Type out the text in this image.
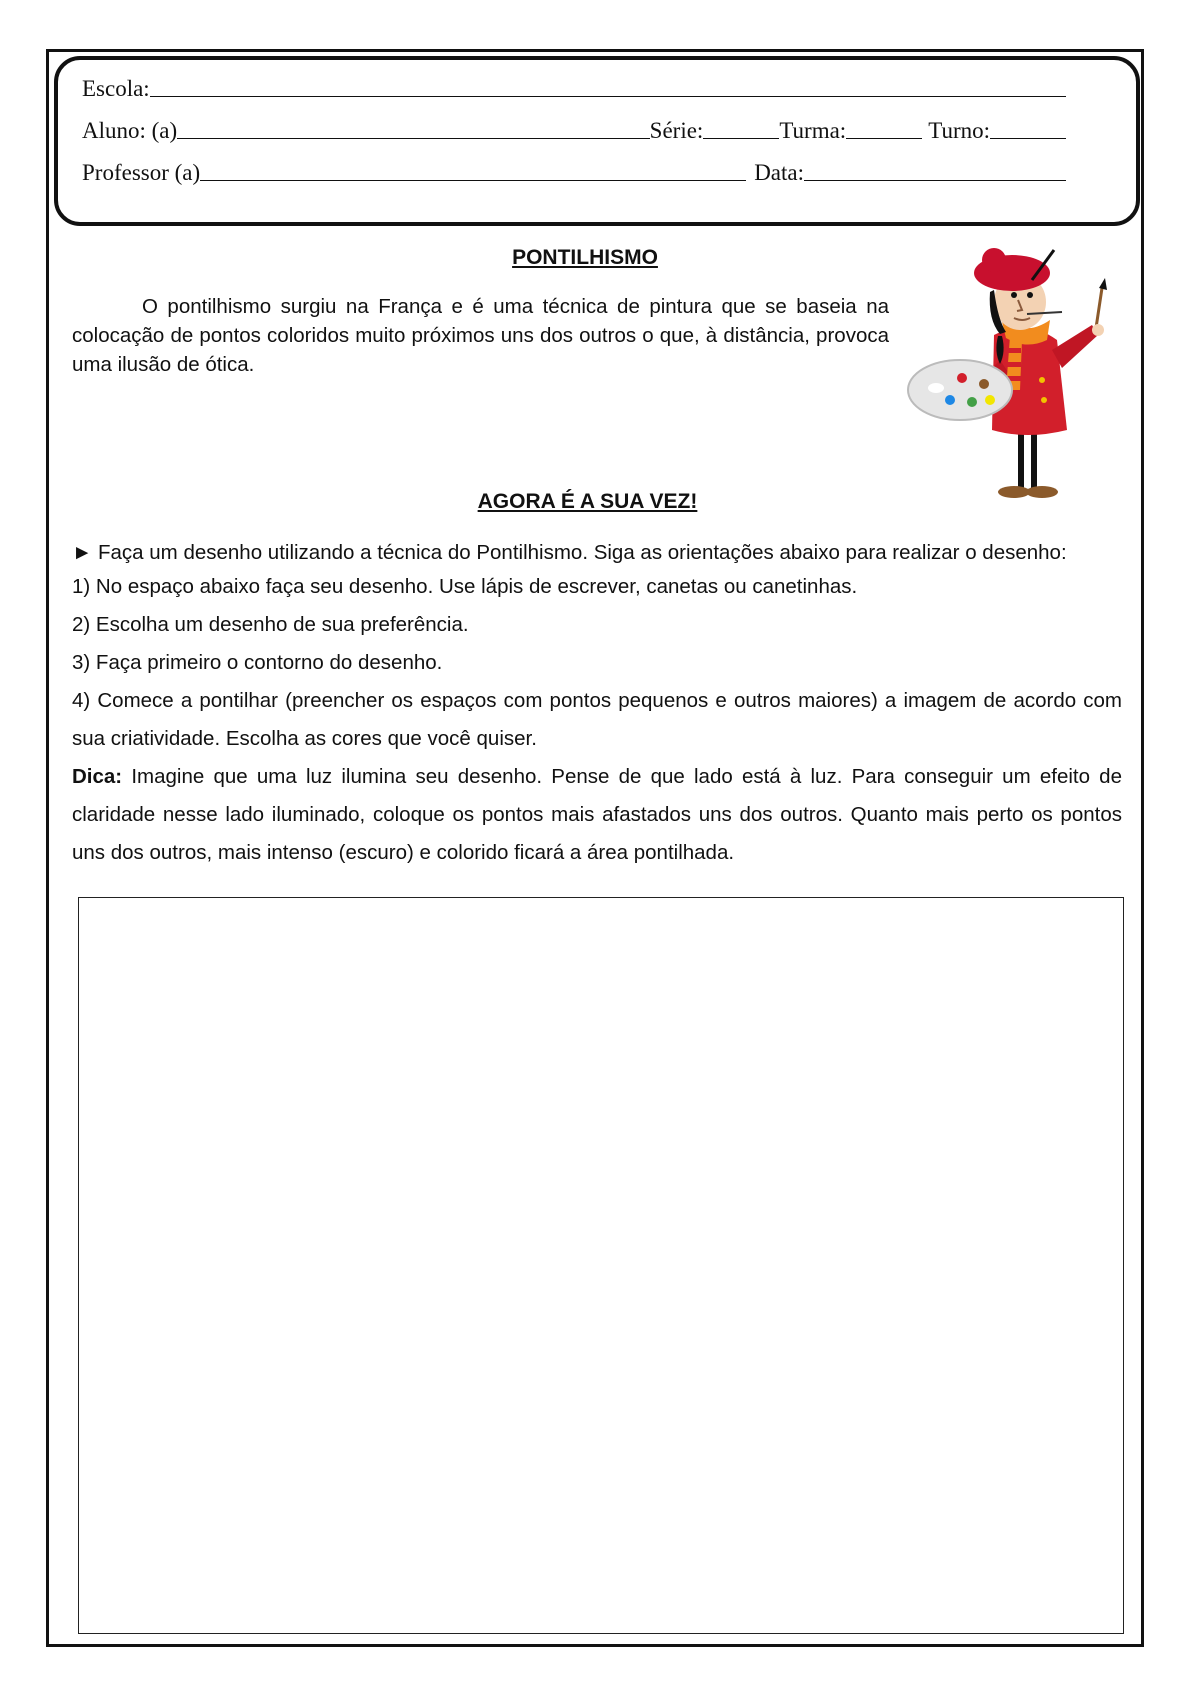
Escola:
Aluno: (a)	Série:	Turma:	Turno:
Professor (a)	Data:
PONTILHISMO

O pontilhismo surgiu na França e é uma técnica de pintura que se baseia na colocação de pontos coloridos muito próximos uns dos outros o que, à distância, provoca uma ilusão de ótica.

AGORA É A SUA VEZ!

► Faça um desenho utilizando a técnica do Pontilhismo. Siga as orientações abaixo para realizar o desenho:

1) No espaço abaixo faça seu desenho. Use lápis de escrever, canetas ou canetinhas.

2) Escolha um desenho de sua preferência.

3) Faça primeiro o contorno do desenho.

4) Comece a pontilhar (preencher os espaços com pontos pequenos e outros maiores) a imagem de acordo com sua criatividade. Escolha as cores que você quiser.

Dica: Imagine que uma luz ilumina seu desenho. Pense de que lado está à luz. Para conseguir um efeito de claridade nesse lado iluminado, coloque os pontos mais afastados uns dos outros. Quanto mais perto os pontos uns dos outros, mais intenso (escuro) e colorido ficará a área pontilhada.
